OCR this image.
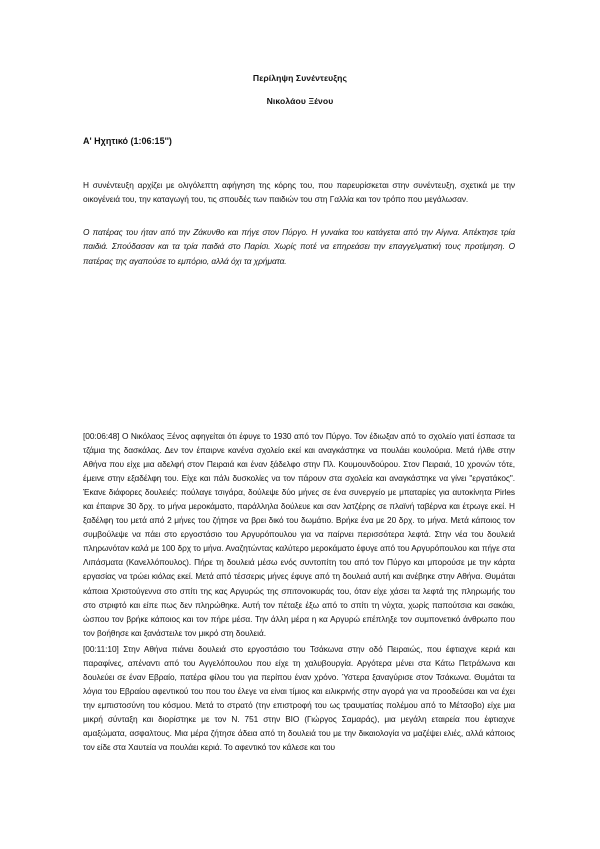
Περίληψη Συνέντευξης
Νικολάου Ξένου
Α' Ηχητικό (1:06:15'')
Η συνέντευξη αρχίζει με ολιγόλεπτη αφήγηση της κόρης του, που παρευρίσκεται στην συνέντευξη, σχετικά με την οικογένειά του, την καταγωγή του, τις σπουδές των παιδιών του στη Γαλλία και τον τρόπο που μεγάλωσαν.
Ο πατέρας του ήταν από την Ζάκυνθο και πήγε στον Πύργο. Η γυναίκα του κατάγεται από την Αίγινα. Απέκτησε τρία παιδιά. Σπούδασαν και τα τρία παιδιά στο Παρίσι. Χωρίς ποτέ να επηρεάσει την επαγγελματική τους προτίμηση. Ο πατέρας της αγαπούσε το εμπόριο, αλλά όχι τα χρήματα.
[00:06:48] Ο Νικόλαος Ξένος αφηγείται ότι έφυγε το 1930 από τον Πύργο. Τον έδιωξαν από το σχολείο γιατί έσπασε τα τζάμια της δασκάλας. Δεν τον έπαιρνε κανένα σχολείο εκεί και αναγκάστηκε να πουλάει κουλούρια. Μετά ήλθε στην Αθήνα που είχε μια αδελφή στον Πειραιά και έναν ξάδελφο στην Πλ. Κουμουνδούρου. Στον Πειραιά, 10 χρονών τότε, έμεινε στην εξαδέλφη του. Είχε και πάλι δυσκολίες να τον πάρουν στα σχολεία και αναγκάστηκε να γίνει "εργατάκος". Έκανε διάφορες δουλειές: πούλαγε τσιγάρα, δούλεψε δύο μήνες σε ένα συνεργείο με μπαταρίες για αυτοκίνητα Pirles και έπαιρνε 30 δρχ. το μήνα μεροκάματο, παράλληλα δούλευε και σαν λατζέρης σε πλαϊνή ταβέρνα και έτρωγε εκεί. Η ξαδέλφη του μετά από 2 μήνες του ζήτησε να βρει δικό του δωμάτιο. Βρήκε ένα με 20 δρχ. το μήνα. Μετά κάποιος τον συμβούλεψε να πάει στο εργοστάσιο του Αργυρόπουλου για να παίρνει περισσότερα λεφτά. Στην νέα του δουλειά πληρωνόταν καλά με 100 δρχ το μήνα. Αναζητώντας καλύτερο μεροκάματο έφυγε από του Αργυρόπουλου και πήγε στα Λιπάσματα (Κανελλόπουλος). Πήρε τη δουλειά μέσω ενός συντοπίτη του από τον Πύργο και μπορούσε με την κάρτα εργασίας να τρώει κιόλας εκεί. Μετά από τέσσερις μήνες έφυγε από τη δουλειά αυτή και ανέβηκε στην Αθήνα. Θυμάται κάποια Χριστούγεννα στο σπίτι της κας Αργυρώς της σπιτονοικυράς του, όταν είχε χάσει τα λεφτά της πληρωμής του στο στριφτό και είπε πως δεν πληρώθηκε. Αυτή τον πέταξε έξω από το σπίτι τη νύχτα, χωρίς παπούτσια και σακάκι, ώσπου τον βρήκε κάποιος και τον πήρε μέσα. Την άλλη μέρα η κα Αργυρώ επέπληξε τον συμπονετικό άνθρωπο που τον βοήθησε και ξανάστειλε τον μικρό στη δουλειά.
[00:11:10] Στην Αθήνα πιάνει δουλειά στο εργοστάσιο του Τσάκωνα στην οδό Πειραιώς, που έφτιαχνε κεριά και παραφίνες, απέναντι από του Αγγελόπουλου που είχε τη χαλυβουργία. Αργότερα μένει στα Κάτω Πετράλωνα και δουλεύει σε έναν Εβραίο, πατέρα φίλου του για περίπου έναν χρόνο. Ύστερα ξαναγύρισε στον Τσάκωνα. Θυμάται τα λόγια του Εβραίου αφεντικού του που του έλεγε να είναι τίμιος και ειλικρινής στην αγορά για να προοδεύσει και να έχει την εμπιστοσύνη του κόσμου. Μετά το στρατό (την επιστροφή του ως τραυματίας πολέμου από το Μέτσοβο) είχε μια μικρή σύνταξη και διορίστηκε με τον Ν. 751 στην ΒΙΟ (Γιώργος Σαμαράς), μια μεγάλη εταιρεία που έφτιαχνε αμαξώματα, ασφαλτους. Μια μέρα ζήτησε άδεια από τη δουλειά του με την δικαιολογία να μαζέψει ελιές, αλλά κάποιος τον είδε στα Χαυτεία να πουλάει κεριά. Το αφεντικό τον κάλεσε και του
